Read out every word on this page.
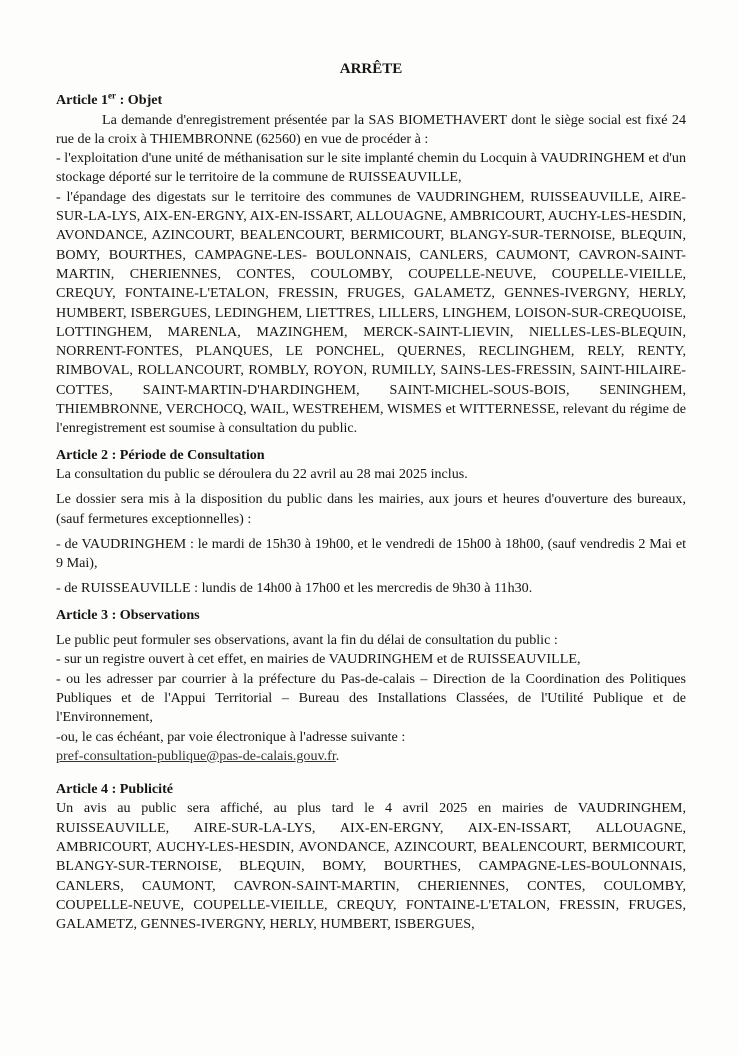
ARRÊTE

Article 1er : Objet

La demande d'enregistrement présentée par la SAS BIOMETHAVERT dont le siège social est fixé 24 rue de la croix à THIEMBRONNE (62560) en vue de procéder à :

- l'exploitation d'une unité de méthanisation sur le site implanté chemin du Locquin à VAUDRINGHEM et d'un stockage déporté sur le territoire de la commune de RUISSEAUVILLE,

- l'épandage des digestats sur le territoire des communes de VAUDRINGHEM, RUISSEAUVILLE, AIRE-SUR-LA-LYS, AIX-EN-ERGNY, AIX-EN-ISSART, ALLOUAGNE, AMBRICOURT, AUCHY-LES-HESDIN, AVONDANCE, AZINCOURT, BEALENCOURT, BERMICOURT, BLANGY-SUR-TERNOISE, BLEQUIN, BOMY, BOURTHES, CAMPAGNE-LES- BOULONNAIS, CANLERS, CAUMONT, CAVRON-SAINT-MARTIN, CHERIENNES, CONTES, COULOMBY, COUPELLE-NEUVE, COUPELLE-VIEILLE, CREQUY, FONTAINE-L'ETALON, FRESSIN, FRUGES, GALAMETZ, GENNES-IVERGNY, HERLY, HUMBERT, ISBERGUES, LEDINGHEM, LIETTRES, LILLERS, LINGHEM, LOISON-SUR-CREQUOISE, LOTTINGHEM, MARENLA, MAZINGHEM, MERCK-SAINT-LIEVIN, NIELLES-LES-BLEQUIN, NORRENT-FONTES, PLANQUES, LE PONCHEL, QUERNES, RECLINGHEM, RELY, RENTY, RIMBOVAL, ROLLANCOURT, ROMBLY, ROYON, RUMILLY, SAINS-LES-FRESSIN, SAINT-HILAIRE-COTTES, SAINT-MARTIN-D'HARDINGHEM, SAINT-MICHEL-SOUS-BOIS, SENINGHEM, THIEMBRONNE, VERCHOCQ, WAIL, WESTREHEM, WISMES et WITTERNESSE, relevant du régime de l'enregistrement est soumise à consultation du public.

Article 2 : Période de Consultation

La consultation du public se déroulera du 22 avril au 28 mai 2025 inclus.

Le dossier sera mis à la disposition du public dans les mairies, aux jours et heures d'ouverture des bureaux, (sauf fermetures exceptionnelles) :

- de VAUDRINGHEM : le mardi de 15h30 à 19h00, et le vendredi de 15h00 à 18h00, (sauf vendredis 2 Mai et 9 Mai),

- de RUISSEAUVILLE : lundis de 14h00 à 17h00 et les mercredis de 9h30 à 11h30.

Article 3 : Observations

Le public peut formuler ses observations, avant la fin du délai de consultation du public :

- sur un registre ouvert à cet effet, en mairies de VAUDRINGHEM et de RUISSEAUVILLE,

- ou les adresser par courrier à la préfecture du Pas-de-calais – Direction de la Coordination des Politiques Publiques et de l'Appui Territorial – Bureau des Installations Classées, de l'Utilité Publique et de l'Environnement,

-ou, le cas échéant, par voie électronique à l'adresse suivante :

pref-consultation-publique@pas-de-calais.gouv.fr.

Article 4 : Publicité

Un avis au public sera affiché, au plus tard le 4 avril 2025 en mairies de VAUDRINGHEM, RUISSEAUVILLE, AIRE-SUR-LA-LYS, AIX-EN-ERGNY, AIX-EN-ISSART, ALLOUAGNE, AMBRICOURT, AUCHY-LES-HESDIN, AVONDANCE, AZINCOURT, BEALENCOURT, BERMICOURT, BLANGY-SUR-TERNOISE, BLEQUIN, BOMY, BOURTHES, CAMPAGNE-LES-BOULONNAIS, CANLERS, CAUMONT, CAVRON-SAINT-MARTIN, CHERIENNES, CONTES, COULOMBY, COUPELLE-NEUVE, COUPELLE-VIEILLE, CREQUY, FONTAINE-L'ETALON, FRESSIN, FRUGES, GALAMETZ, GENNES-IVERGNY, HERLY, HUMBERT, ISBERGUES,
